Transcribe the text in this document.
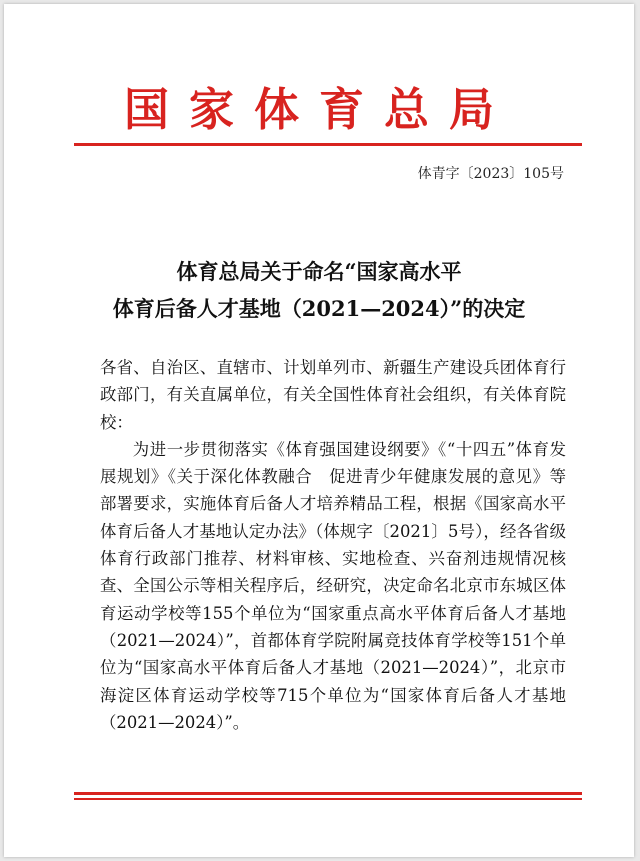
国家体育总局
体青字〔2023〕105号
体育总局关于命名“国家高水平
体育后备人才基地（2021—2024）”的决定

各省、自治区、直辖市、计划单列市、新疆生产建设兵团体育行政部门，有关直属单位，有关全国性体育社会组织，有关体育院校：

为进一步贯彻落实《体育强国建设纲要》《“十四五”体育发展规划》《关于深化体教融合　促进青少年健康发展的意见》等部署要求，实施体育后备人才培养精品工程，根据《国家高水平体育后备人才基地认定办法》（体规字〔2021〕5号），经各省级体育行政部门推荐、材料审核、实地检查、兴奋剂违规情况核查、全国公示等相关程序后，经研究，决定命名北京市东城区体育运动学校等155个单位为“国家重点高水平体育后备人才基地（2021—2024）”，首都体育学院附属竞技体育学校等151个单位为“国家高水平体育后备人才基地（2021—2024）”，北京市海淀区体育运动学校等715个单位为“国家体育后备人才基地（2021—2024）”。
